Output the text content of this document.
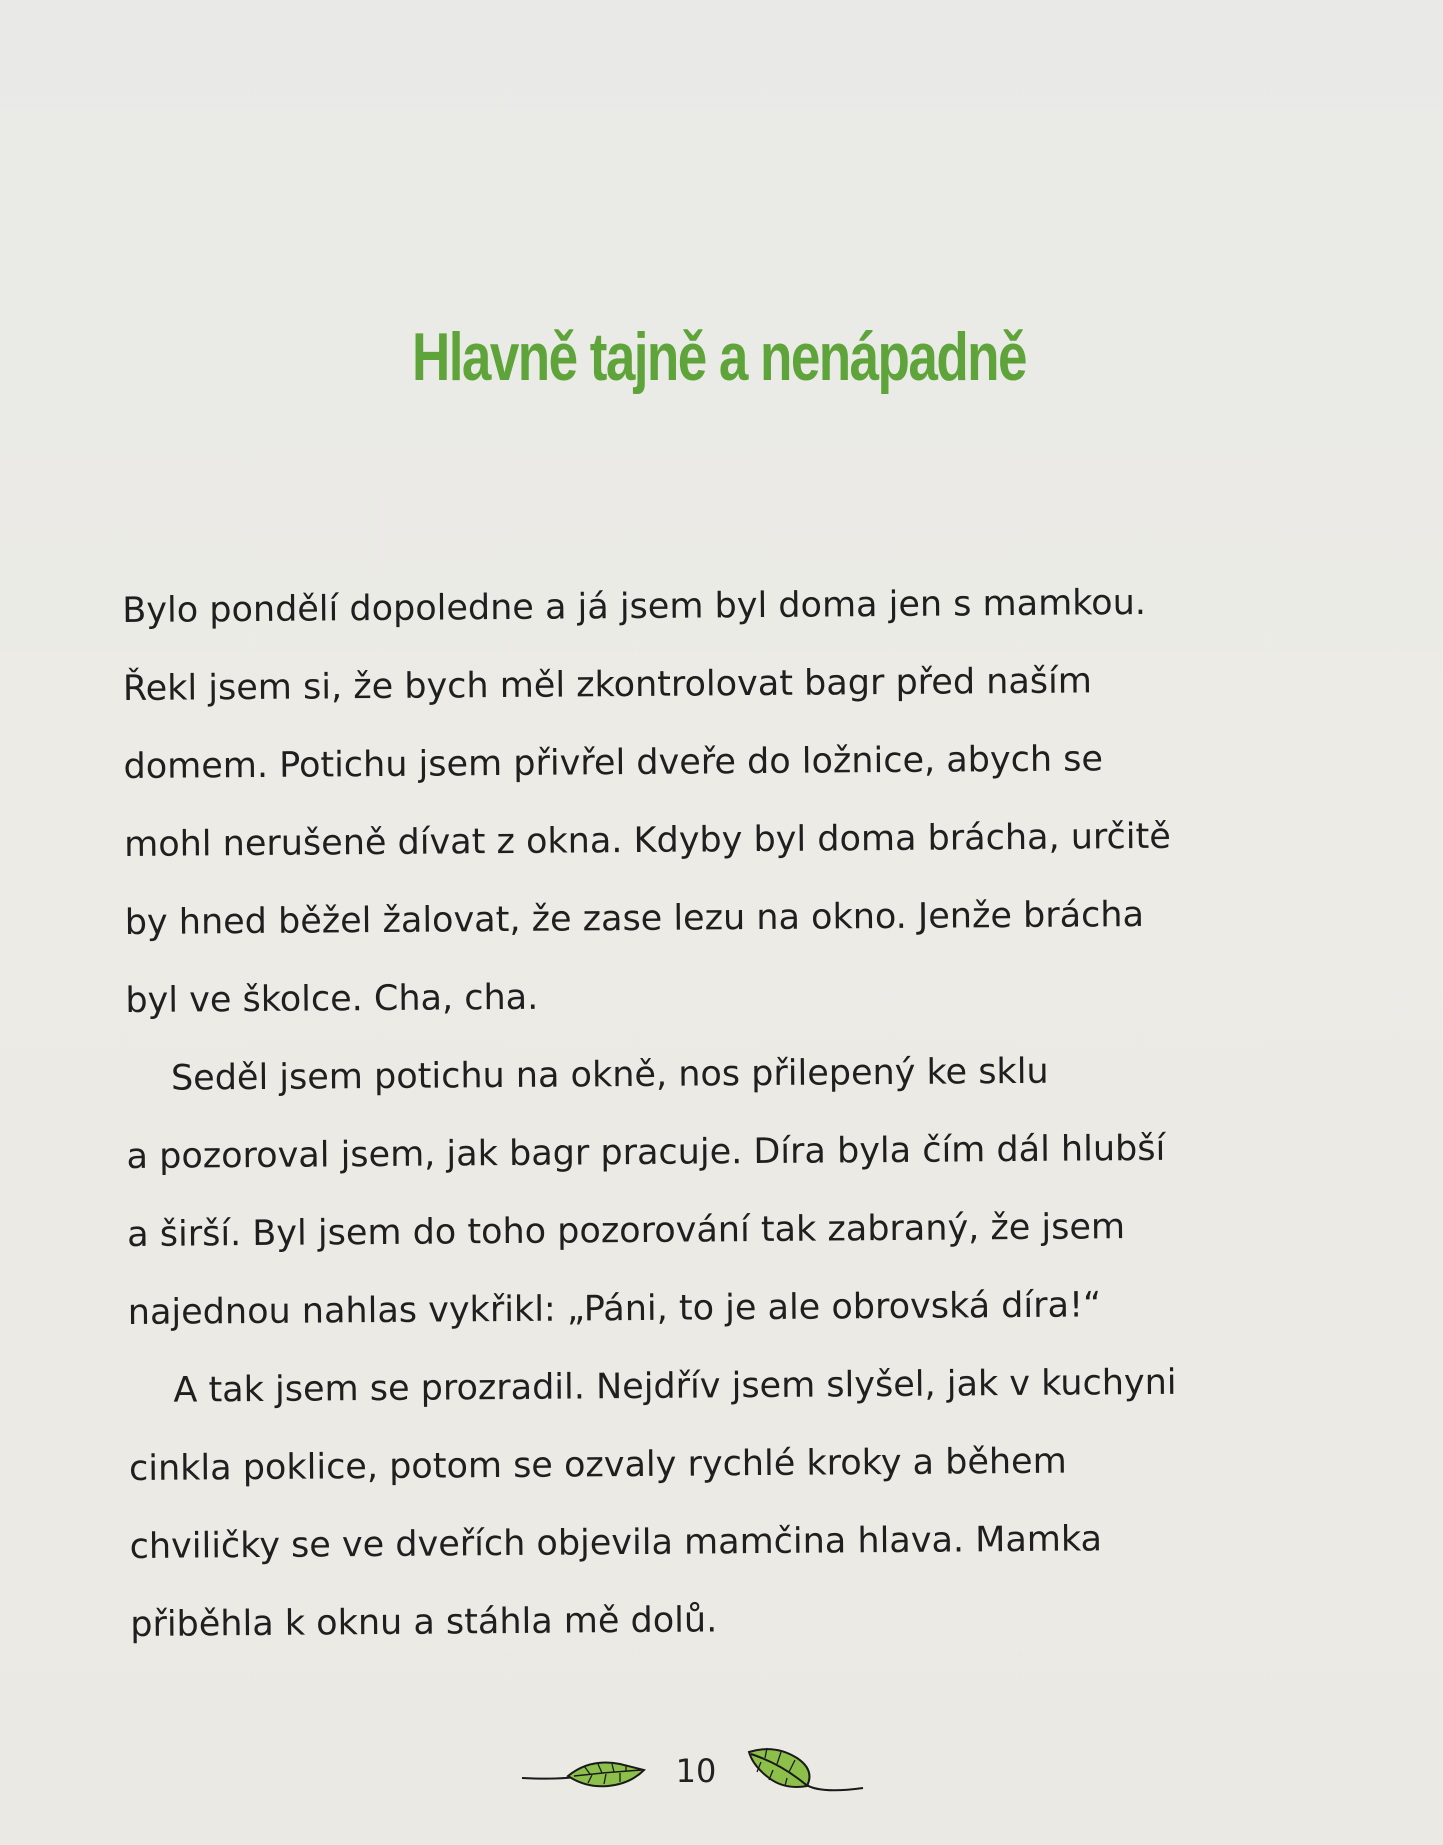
Hlavně tajně a nenápadně

Bylo pondělí dopoledne a já jsem byl doma jen s mamkou.
Řekl jsem si, že bych měl zkontrolovat bagr před naším
domem. Potichu jsem přivřel dveře do ložnice, abych se
mohl nerušeně dívat z okna. Kdyby byl doma brácha, určitě
by hned běžel žalovat, že zase lezu na okno. Jenže brácha
byl ve školce. Cha, cha.

Seděl jsem potichu na okně, nos přilepený ke sklu
a pozoroval jsem, jak bagr pracuje. Díra byla čím dál hlubší
a širší. Byl jsem do toho pozorování tak zabraný, že jsem
najednou nahlas vykřikl: „Páni, to je ale obrovská díra!“

A tak jsem se prozradil. Nejdřív jsem slyšel, jak v kuchyni
cinkla poklice, potom se ozvaly rychlé kroky a během
chviličky se ve dveřích objevila mamčina hlava. Mamka
přiběhla k oknu a stáhla mě dolů.

10
